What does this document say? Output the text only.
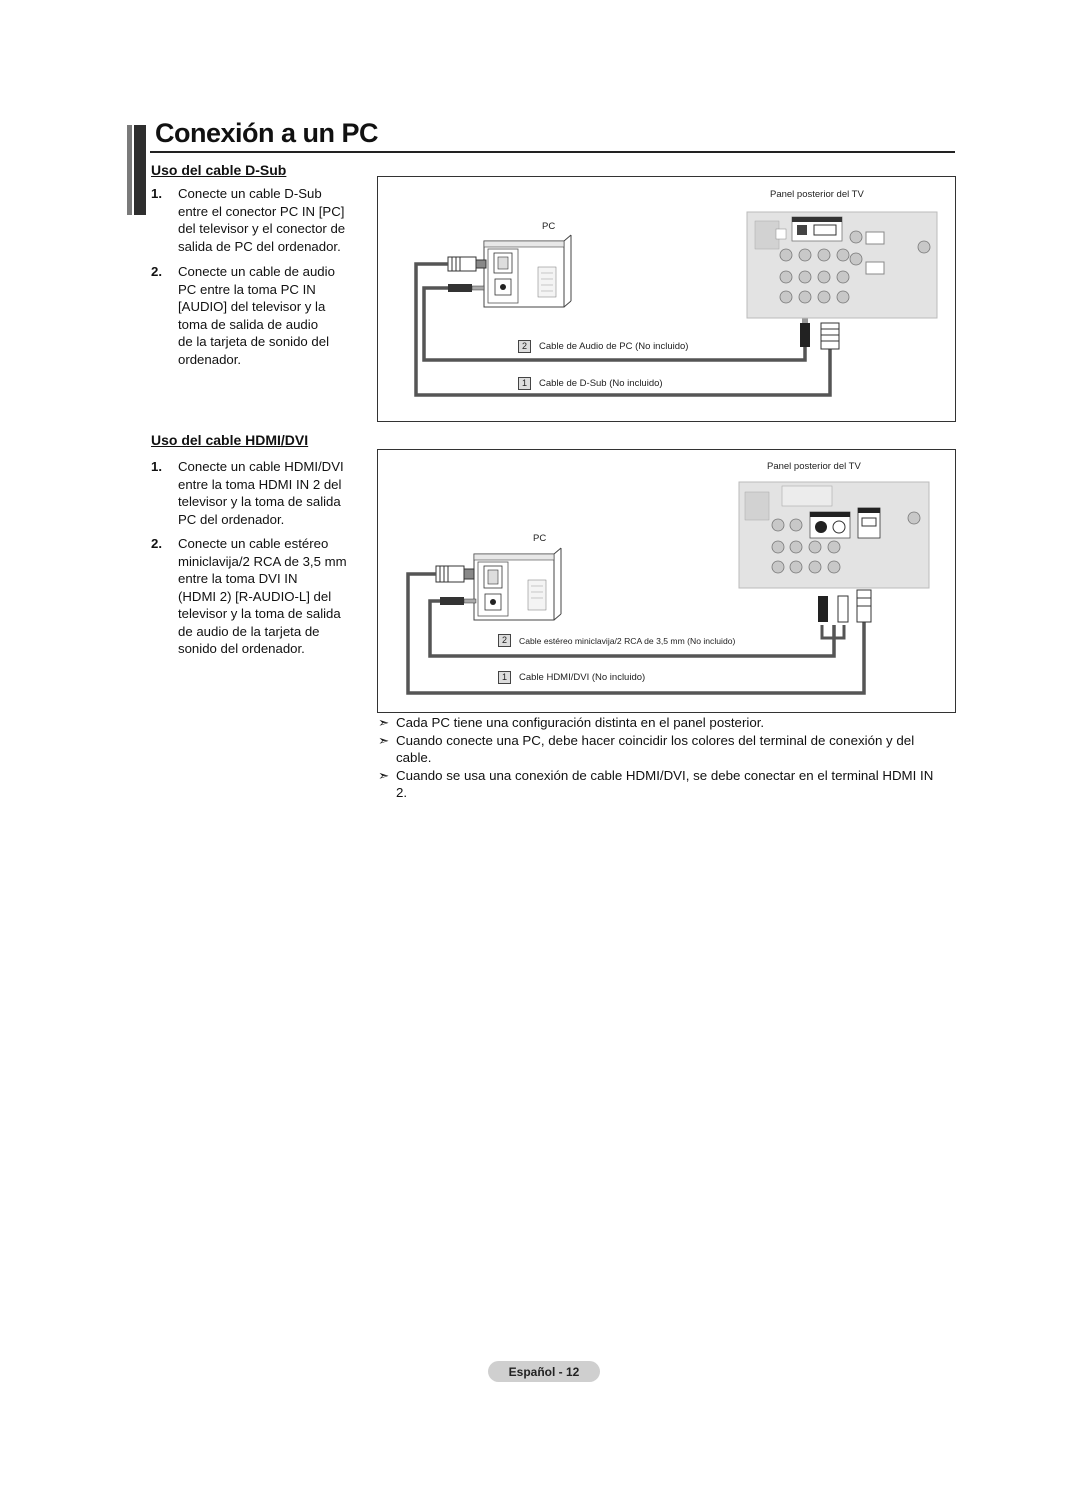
Conexión a un PC
Uso del cable D-Sub
1. Conecte un cable D-Sub
entre el conector PC IN [PC]
del televisor y el conector de
salida de PC del ordenador.
2. Conecte un cable de audio
PC entre la toma PC IN
[AUDIO] del televisor y la
toma de salida de audio
de la tarjeta de sonido del
ordenador.
Panel posterior del TV
PC
2	Cable de Audio de PC (No incluido)
1	Cable de D-Sub (No incluido)
Uso del cable HDMI/DVI
1. Conecte un cable HDMI/DVI
entre la toma HDMI IN 2 del
televisor y la toma de salida
PC del ordenador.
2. Conecte un cable estéreo
miniclavija/2 RCA de 3,5 mm
entre la toma DVI IN
(HDMI 2) [R-AUDIO-L] del
televisor y la toma de salida
de audio de la tarjeta de
sonido del ordenador.
Panel posterior del TV
PC
2	Cable estéreo miniclavija/2 RCA de 3,5 mm (No incluido)
1	Cable HDMI/DVI (No incluido)

➣ Cada PC tiene una configuración distinta en el panel posterior.

➣ Cuando conecte una PC, debe hacer coincidir los colores del terminal de conexión y del cable.

➣ Cuando se usa una conexión de cable HDMI/DVI, se debe conectar en el terminal HDMI IN 2.

Español - 12
